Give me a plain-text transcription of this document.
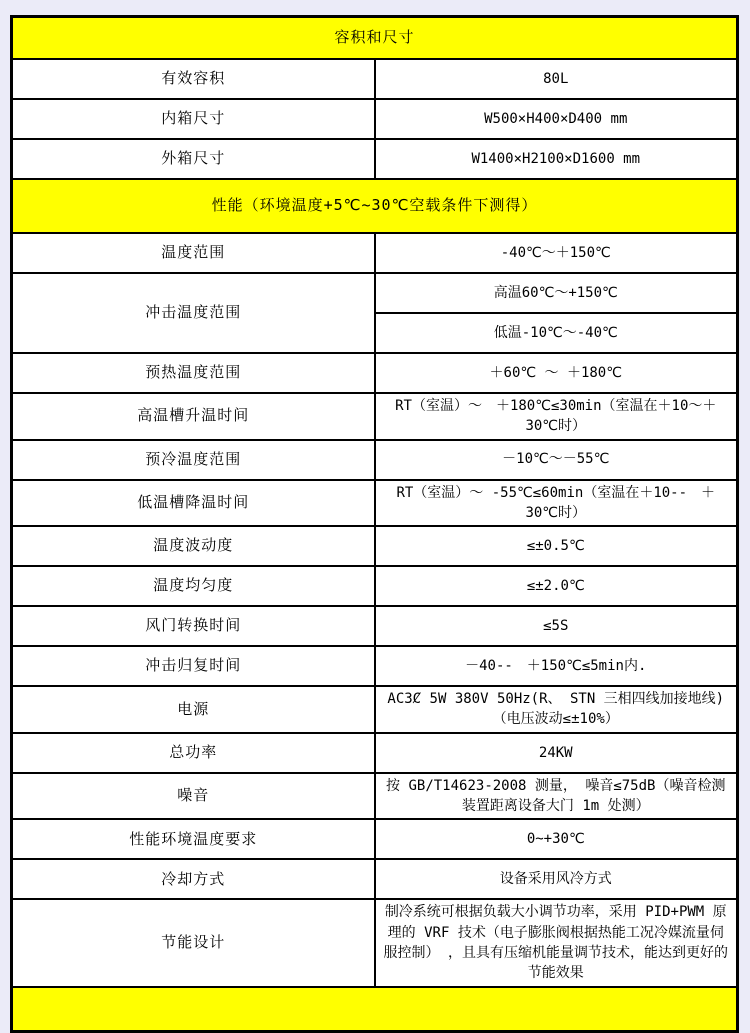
容积和尺寸	
有效容积	80L
内箱尺寸	W500×H400×D400 mm
外箱尺寸	W1400×H2100×D1600 mm
性能（环境温度+5℃~30℃空载条件下测得）	
温度范围	-40℃～＋150℃
冲击温度范围	高温60℃～+150℃
	低温-10℃～-40℃
预热温度范围	＋60℃ ～ ＋180℃
高温槽升温时间	RT（室温）～　＋180℃≤30min（室温在＋10～＋30℃时）
预冷温度范围	－10℃～－55℃
低温槽降温时间	RT（室温）～ -55℃≤60min（室温在＋10--　＋30℃时）
温度波动度	≤±0.5℃
温度均匀度	≤±2.0℃
风门转换时间	≤5S
冲击归复时间	－40--　＋150℃≤5min内.
电源	AC3Ȼ 5W 380V 50Hz(R、 STN 三相四线加接地线)（电压波动≤±10%）
总功率	24KW
噪音	按 GB/T14623-2008 测量， 噪音≤75dB（噪音检测装置距离设备大门 1m 处测）
性能环境温度要求	0~+30℃
冷却方式	设备采用风冷方式
节能设计	制冷系统可根据负载大小调节功率，采用 PID+PWM 原理的 VRF 技术（电子膨胀阀根据热能工况冷媒流量伺服控制） ，且具有压缩机能量调节技术，能达到更好的节能效果
